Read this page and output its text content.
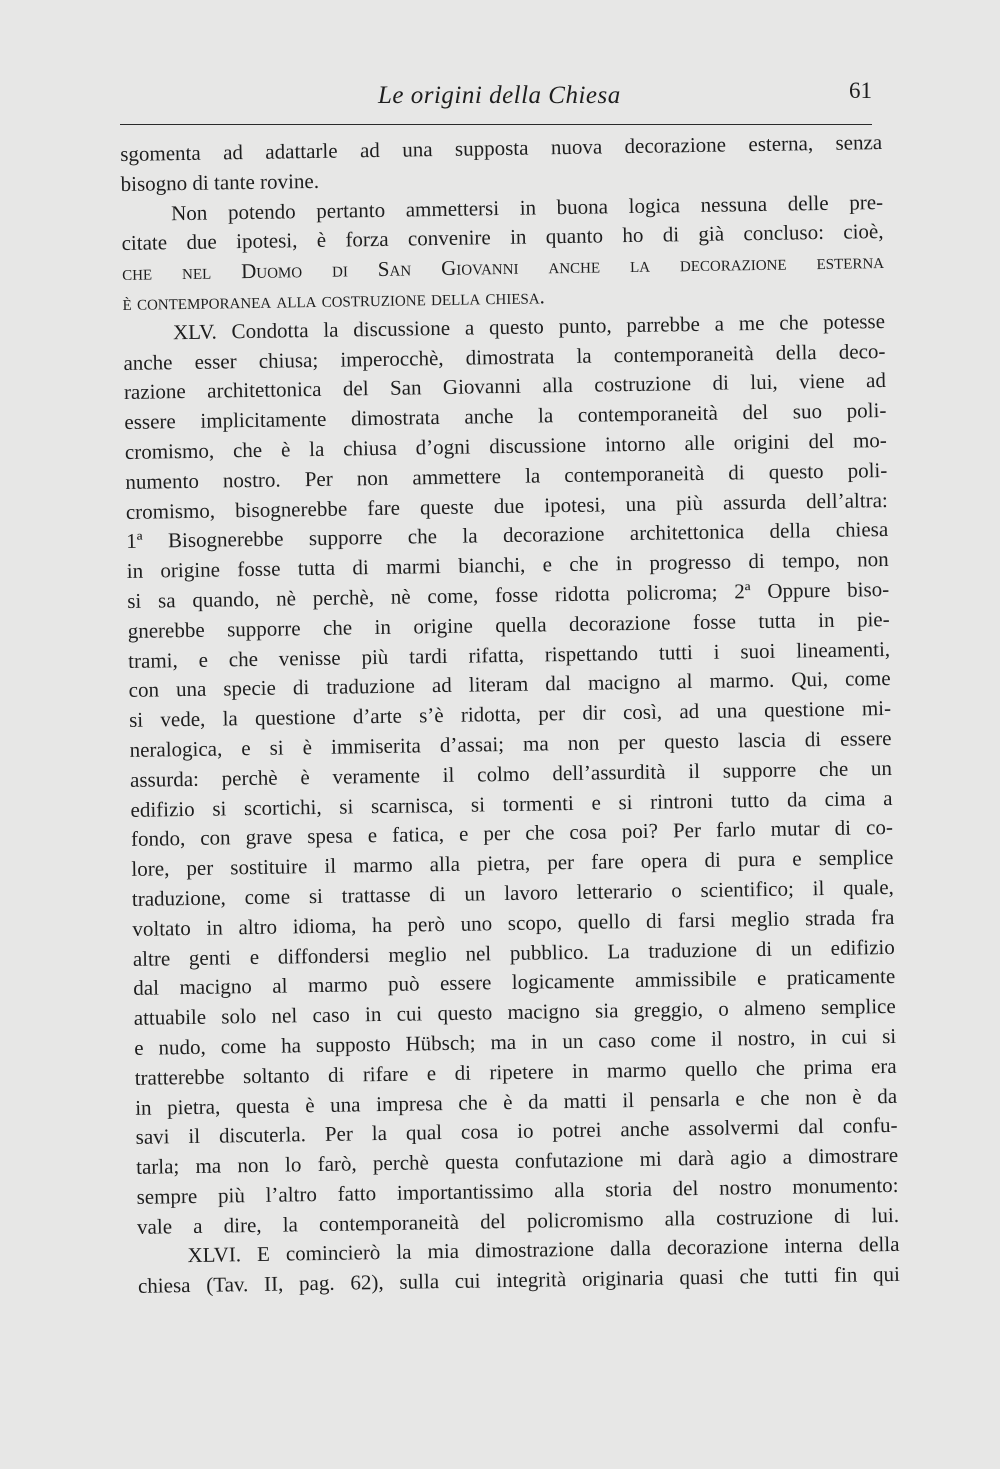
Le origini della Chiesa	61
sgomenta ad adattarle ad una supposta nuova decorazione esterna, senza
bisogno di tante rovine.
Non potendo pertanto ammettersi in buona logica nessuna delle pre-
citate due ipotesi, è forza convenire in quanto ho di già concluso: cioè,
che nel Duomo di San Giovanni anche la decorazione esterna
è contemporanea alla costruzione della chiesa.
XLV. Condotta la discussione a questo punto, parrebbe a me che potesse
anche esser chiusa; imperocchè, dimostrata la contemporaneità della deco-
razione architettonica del San Giovanni alla costruzione di lui, viene ad
essere implicitamente dimostrata anche la contemporaneità del suo poli-
cromismo, che è la chiusa d’ogni discussione intorno alle origini del mo-
numento nostro. Per non ammettere la contemporaneità di questo poli-
cromismo, bisognerebbe fare queste due ipotesi, una più assurda dell’altra:
1ª Bisognerebbe supporre che la decorazione architettonica della chiesa
in origine fosse tutta di marmi bianchi, e che in progresso di tempo, non
si sa quando, nè perchè, nè come, fosse ridotta policroma; 2ª Oppure biso-
gnerebbe supporre che in origine quella decorazione fosse tutta in pie-
trami, e che venisse più tardi rifatta, rispettando tutti i suoi lineamenti,
con una specie di traduzione ad literam dal macigno al marmo. Qui, come
si vede, la questione d’arte s’è ridotta, per dir così, ad una questione mi-
neralogica, e si è immiserita d’assai; ma non per questo lascia di essere
assurda: perchè è veramente il colmo dell’assurdità il supporre che un
edifizio si scortichi, si scarnisca, si tormenti e si rintroni tutto da cima a
fondo, con grave spesa e fatica, e per che cosa poi? Per farlo mutar di co-
lore, per sostituire il marmo alla pietra, per fare opera di pura e semplice
traduzione, come si trattasse di un lavoro letterario o scientifico; il quale,
voltato in altro idioma, ha però uno scopo, quello di farsi meglio strada fra
altre genti e diffondersi meglio nel pubblico. La traduzione di un edifizio
dal macigno al marmo può essere logicamente ammissibile e praticamente
attuabile solo nel caso in cui questo macigno sia greggio, o almeno semplice
e nudo, come ha supposto Hübsch; ma in un caso come il nostro, in cui si
tratterebbe soltanto di rifare e di ripetere in marmo quello che prima era
in pietra, questa è una impresa che è da matti il pensarla e che non è da
savi il discuterla. Per la qual cosa io potrei anche assolvermi dal confu-
tarla; ma non lo farò, perchè questa confutazione mi darà agio a dimostrare
sempre più l’altro fatto importantissimo alla storia del nostro monumento:
vale a dire, la contemporaneità del policromismo alla costruzione di lui.
XLVI. E comincierò la mia dimostrazione dalla decorazione interna della
chiesa (Tav. II, pag. 62), sulla cui integrità originaria quasi che tutti fin qui
